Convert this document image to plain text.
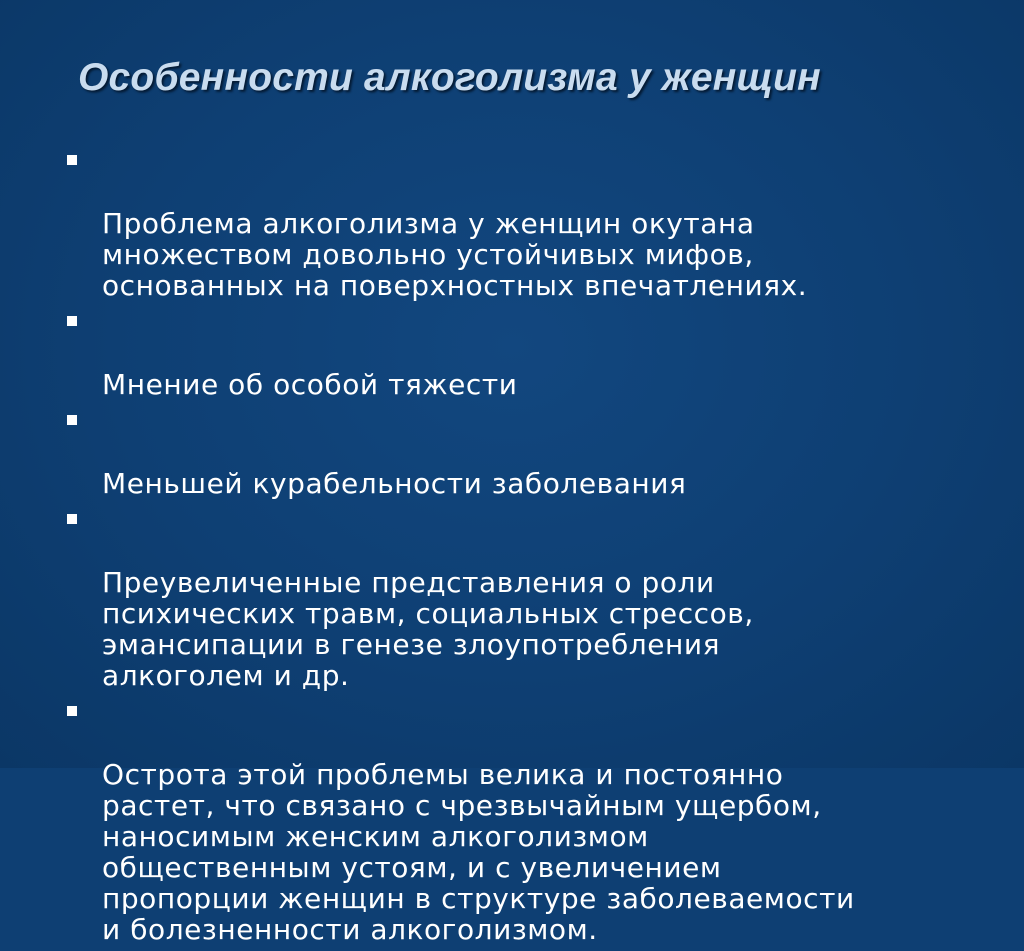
Особенности алкоголизма у женщин

Проблема алкоголизма у женщин окутана
множеством довольно устойчивых мифов,
основанных на поверхностных впечатлениях.

Мнение об особой тяжести

Меньшей курабельности заболевания

Преувеличенные представления о роли
психических травм, социальных стрессов,
эмансипации в генезе злоупотребления
алкоголем и др.

Острота этой проблемы велика и постоянно
растет, что связано с чрезвычайным ущербом,
наносимым женским алкоголизмом
общественным устоям, и с увеличением
пропорции женщин в структуре заболеваемости
и болезненности алкоголизмом.
